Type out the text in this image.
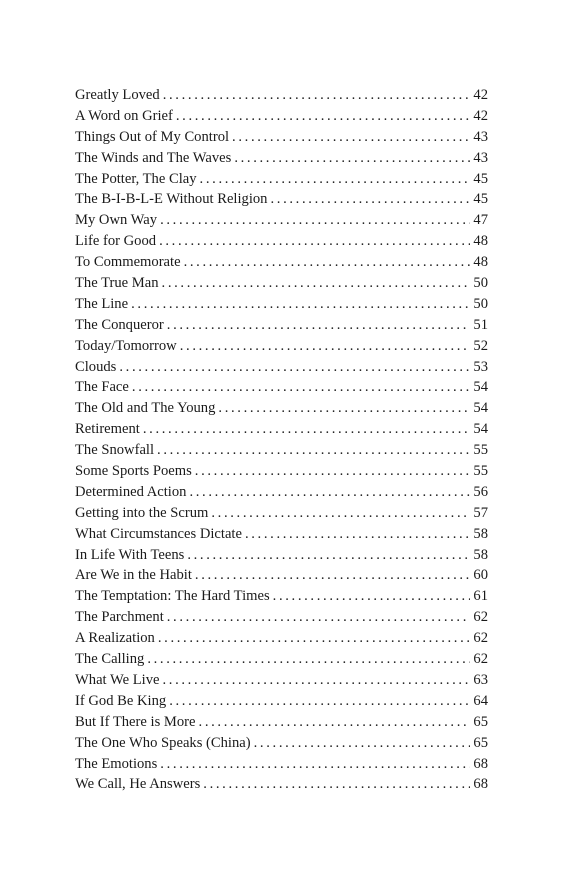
Greatly Loved . . .	42
A Word on Grief . . .	42
Things Out of My Control . . .	43
The Winds and The Waves . . .	43
The Potter, The Clay . . .	45
The B-I-B-L-E Without Religion . . .	45
My Own Way . . .	47
Life for Good . . .	48
To Commemorate . . .	48
The True Man . . .	50
The Line . . .	50
The Conqueror . . .	51
Today/Tomorrow . . .	52
Clouds . . .	53
The Face . . .	54
The Old and The Young . . .	54
Retirement . . .	54
The Snowfall . . .	55
Some Sports Poems . . .	55
Determined Action . . .	56
Getting into the Scrum . . .	57
What Circumstances Dictate . . .	58
In Life With Teens . . .	58
Are We in the Habit . . .	60
The Temptation: The Hard Times . . .	61
The Parchment . . .	62
A Realization . . .	62
The Calling . . .	62
What We Live . . .	63
If God Be King . . .	64
But If There is More . . .	65
The One Who Speaks (China) . . .	65
The Emotions . . .	68
We Call, He Answers . . .	68
